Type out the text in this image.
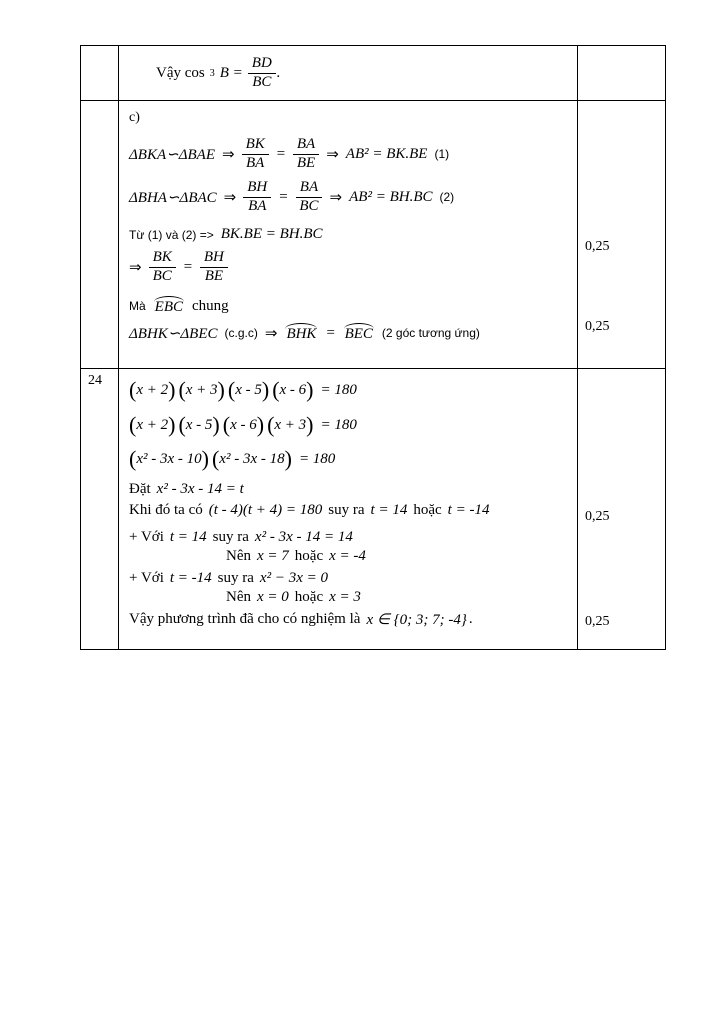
Vậy cos 3 $B = \frac{BD}{BC}$ .
c)
ΔBKA∽ΔBAE ⇒ $\frac{BK}{BA} = \frac{BA}{BE}$ ⇒ AB² = BK.BE (1)
ΔBHA∽ΔBAC ⇒ $\frac{BH}{BA} = \frac{BA}{BC}$ ⇒ AB² = BH.BC (2)
Từ (1) và (2) => BK.BE = BH.BC
⇒ $\frac{BK}{BC} = \frac{BH}{BE}$
Mà EBC chung
ΔBHK∽ΔBEC (c.g.c) ⇒ BHK = BEC (2 góc tương ứng)
0,25
0,25
24	( x + 2 ) ( x + 3 ) ( x - 5 ) ( x - 6 ) = 180
( x + 2 ) ( x - 5 ) ( x - 6 ) ( x + 3 ) = 180
( x² - 3x - 10 ) ( x² - 3x - 18 ) = 180
Đặt x² - 3x - 14 = t
Khi đó ta có (t - 4)(t + 4) = 180 suy ra t = 14 hoặc t = -14
+ Với t = 14 suy ra x² - 3x - 14 = 14
Nên x = 7 hoặc x = -4
+ Với t = -14 suy ra x² − 3x = 0
Nên x = 0 hoặc x = 3
Vậy phương trình đã cho có nghiệm là x ∈ {0; 3; 7; -4} .
0,25
0,25
